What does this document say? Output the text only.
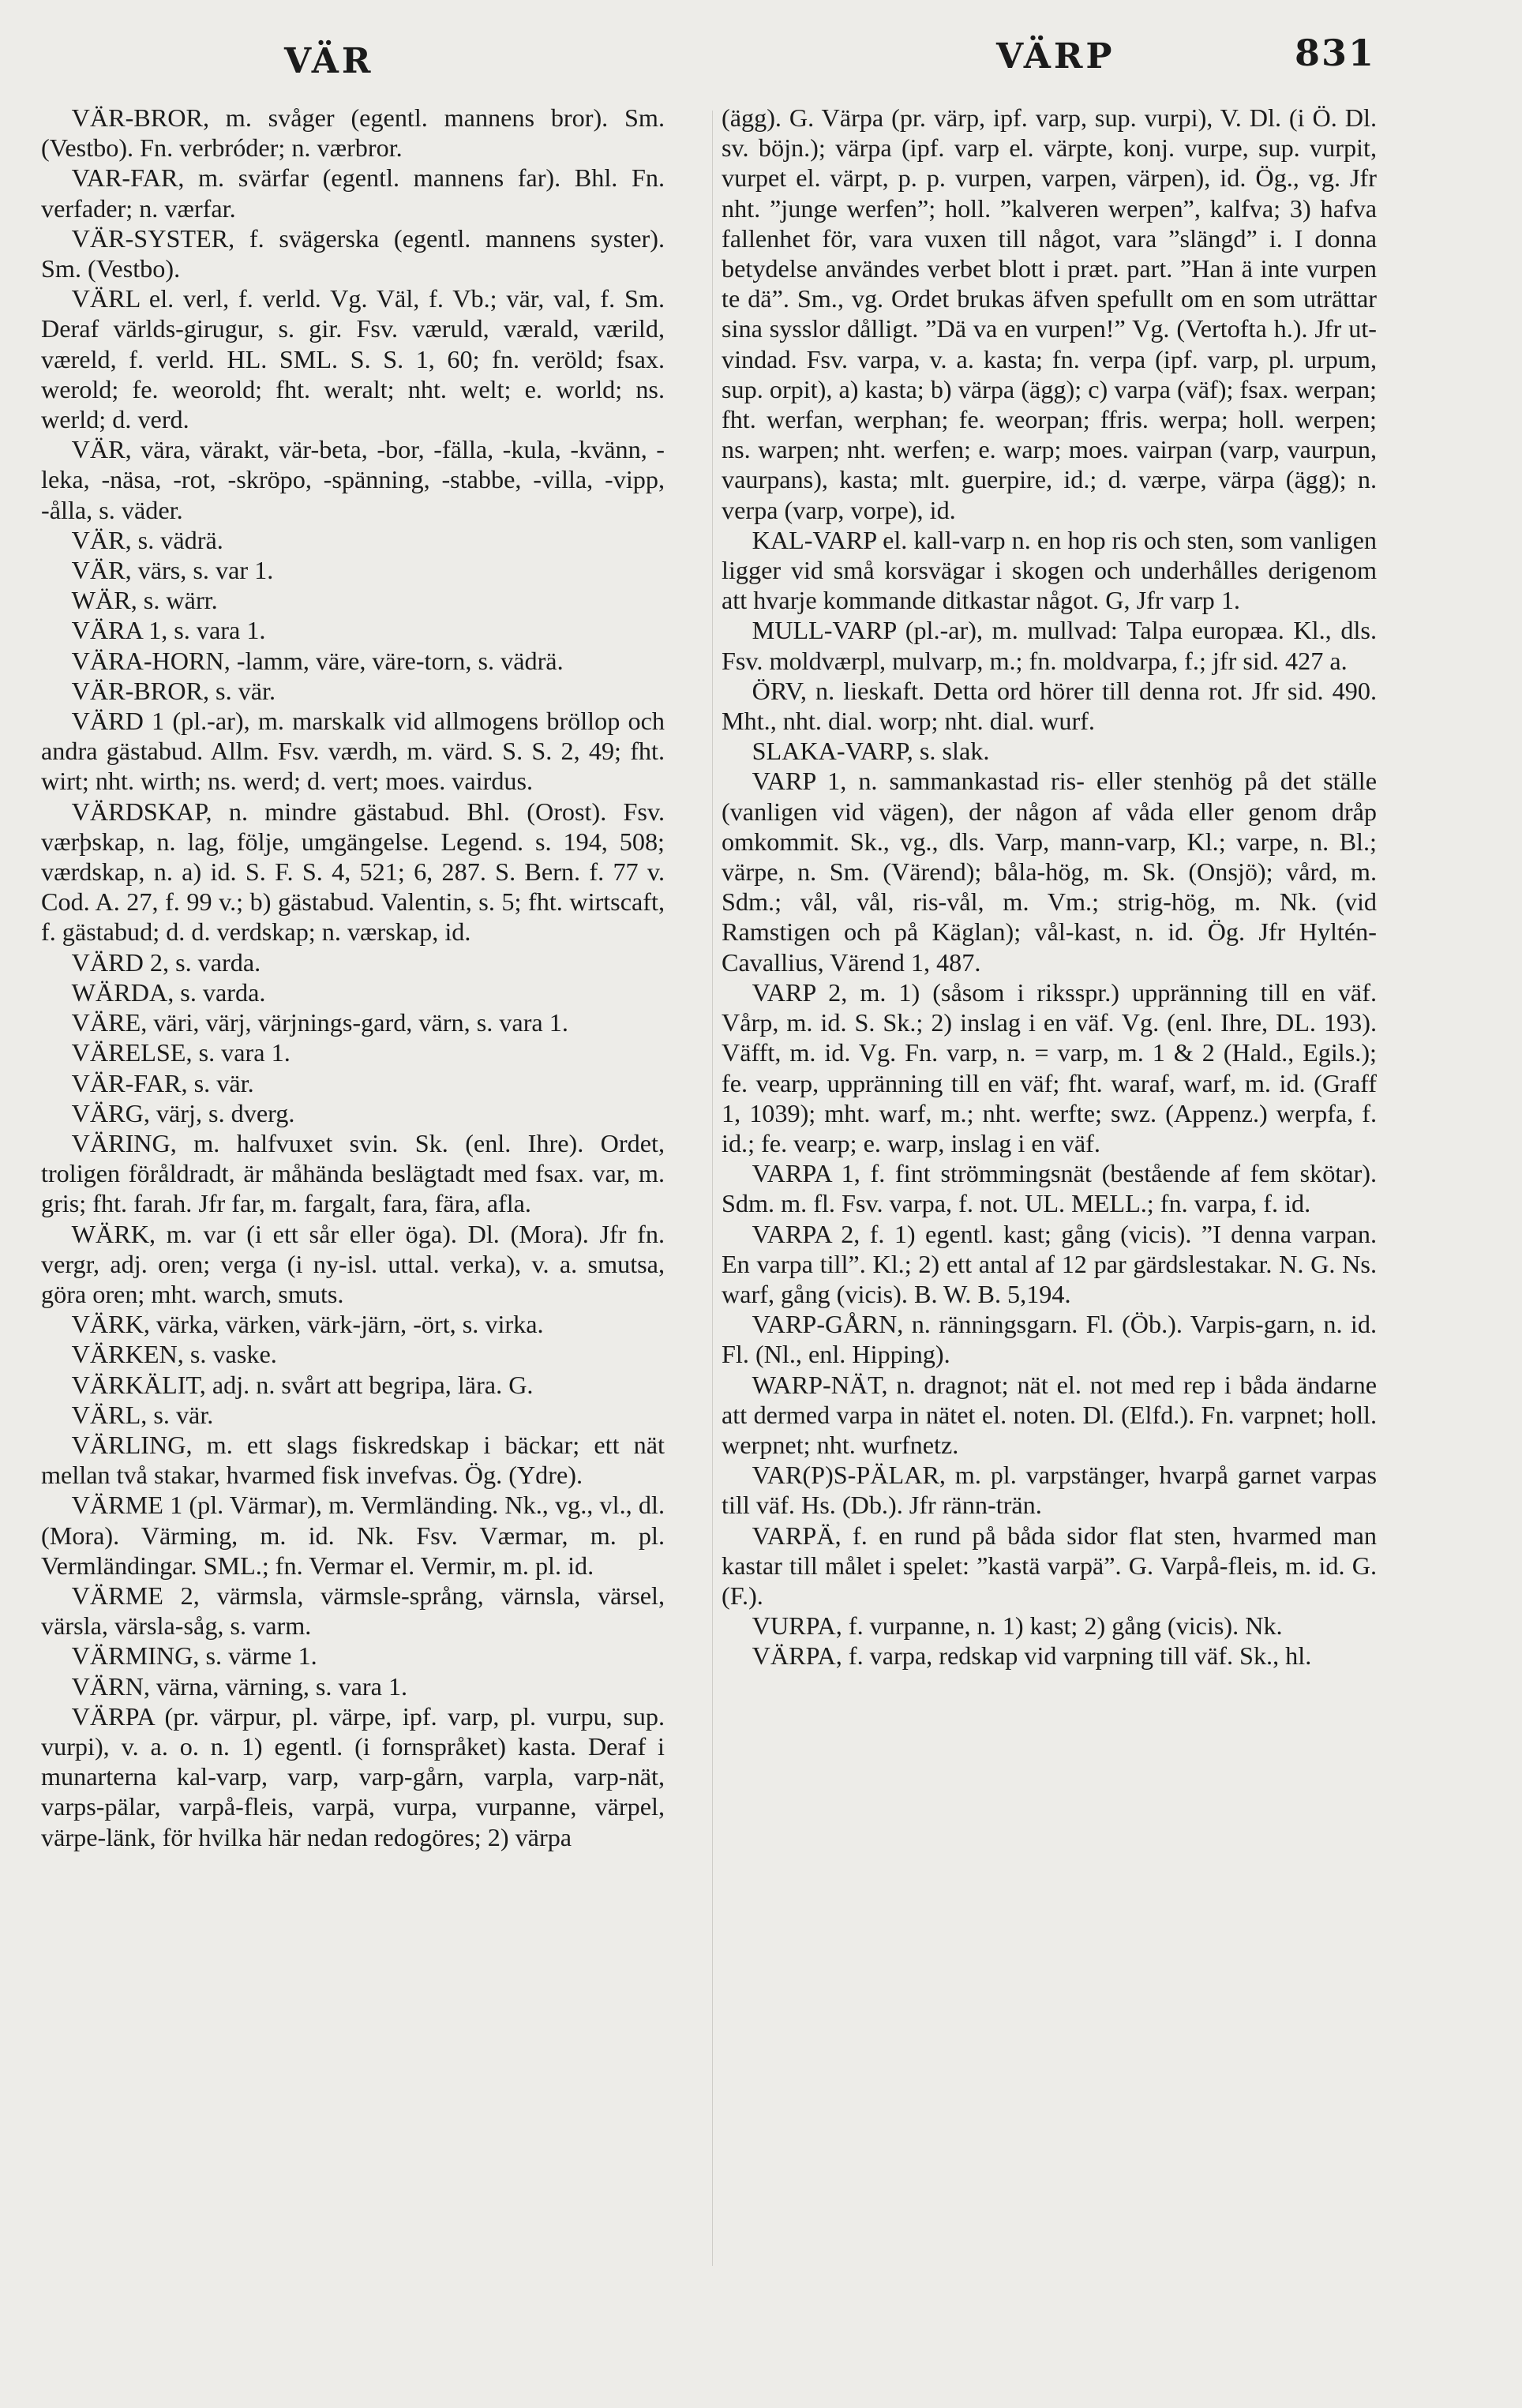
VÄR	VÄRP	831

VÄR-BROR, m. svåger (egentl. mannens bror). Sm. (Vestbo). Fn. verbróder; n. værbror.

VAR-FAR, m. svärfar (egentl. mannens far). Bhl. Fn. verfader; n. værfar.

VÄR-SYSTER, f. svägerska (egentl. mannens syster). Sm. (Vestbo).

VÄRL el. verl, f. verld. Vg. Väl, f. Vb.; vär, val, f. Sm. Deraf världs-girugur, s. gir. Fsv. væruld, værald, værild, væreld, f. verld. HL. SML. S. S. 1, 60; fn. veröld; fsax. werold; fe. weorold; fht. weralt; nht. welt; e. world; ns. werld; d. verd.

VÄR, vära, värakt, vär-beta, -bor, -fälla, -kula, -kvänn, -leka, -näsa, -rot, -skröpo, -spänning, -stabbe, -villa, -vipp, -ålla, s. väder.

VÄR, s. vädrä.

VÄR, värs, s. var 1.

WÄR, s. wärr.

VÄRA 1, s. vara 1.

VÄRA-HORN, -lamm, väre, väre-torn, s. vädrä.

VÄR-BROR, s. vär.

VÄRD 1 (pl.-ar), m. marskalk vid allmogens bröllop och andra gästabud. Allm. Fsv. værdh, m. värd. S. S. 2, 49; fht. wirt; nht. wirth; ns. werd; d. vert; moes. vairdus.

VÄRDSKAP, n. mindre gästabud. Bhl. (Orost). Fsv. værþskap, n. lag, följe, umgängelse. Legend. s. 194, 508; værdskap, n. a) id. S. F. S. 4, 521; 6, 287. S. Bern. f. 77 v. Cod. A. 27, f. 99 v.; b) gästabud. Valentin, s. 5; fht. wirtscaft, f. gästabud; d. d. verdskap; n. værskap, id.

VÄRD 2, s. varda.

WÄRDA, s. varda.

VÄRE, väri, värj, värjnings-gard, värn, s. vara 1.

VÄRELSE, s. vara 1.

VÄR-FAR, s. vär.

VÄRG, värj, s. dverg.

VÄRING, m. halfvuxet svin. Sk. (enl. Ihre). Ordet, troligen föråldradt, är måhända beslägtadt med fsax. var, m. gris; fht. farah. Jfr far, m. fargalt, fara, fära, afla.

WÄRK, m. var (i ett sår eller öga). Dl. (Mora). Jfr fn. vergr, adj. oren; verga (i ny-isl. uttal. verka), v. a. smutsa, göra oren; mht. warch, smuts.

VÄRK, värka, värken, värk-järn, -ört, s. virka.

VÄRKEN, s. vaske.

VÄRKÄLIT, adj. n. svårt att begripa, lära. G.

VÄRL, s. vär.

VÄRLING, m. ett slags fiskredskap i bäckar; ett nät mellan två stakar, hvarmed fisk invefvas. Ög. (Ydre).

VÄRME 1 (pl. Värmar), m. Vermländing. Nk., vg., vl., dl. (Mora). Värming, m. id. Nk. Fsv. Værmar, m. pl. Vermländingar. SML.; fn. Vermar el. Vermir, m. pl. id.

VÄRME 2, värmsla, värmsle-språng, värnsla, värsel, värsla, värsla-såg, s. varm.

VÄRMING, s. värme 1.

VÄRN, värna, värning, s. vara 1.

VÄRPA (pr. värpur, pl. värpe, ipf. varp, pl. vurpu, sup. vurpi), v. a. o. n. 1) egentl. (i fornspråket) kasta. Deraf i munarterna kal-varp, varp, varp-gårn, varpla, varp-nät, varps-pälar, varpå-fleis, varpä, vurpa, vurpanne, värpel, värpe-länk, för hvilka här nedan redogöres; 2) värpa

(ägg). G. Värpa (pr. värp, ipf. varp, sup. vurpi), V. Dl. (i Ö. Dl. sv. böjn.); värpa (ipf. varp el. värpte, konj. vurpe, sup. vurpit, vurpet el. värpt, p. p. vurpen, varpen, värpen), id. Ög., vg. Jfr nht. ”junge werfen”; holl. ”kalveren werpen”, kalfva; 3) hafva fallenhet för, vara vuxen till något, vara ”slängd” i. I donna betydelse användes verbet blott i præt. part. ”Han ä inte vurpen te dä”. Sm., vg. Ordet brukas äfven spefullt om en som uträttar sina sysslor dålligt. ”Dä va en vurpen!” Vg. (Vertofta h.). Jfr ut-vindad. Fsv. varpa, v. a. kasta; fn. verpa (ipf. varp, pl. urpum, sup. orpit), a) kasta; b) värpa (ägg); c) varpa (väf); fsax. werpan; fht. werfan, werphan; fe. weorpan; ffris. werpa; holl. werpen; ns. warpen; nht. werfen; e. warp; moes. vairpan (varp, vaurpun, vaurpans), kasta; mlt. guerpire, id.; d. værpe, värpa (ägg); n. verpa (varp, vorpe), id.

KAL-VARP el. kall-varp n. en hop ris och sten, som vanligen ligger vid små korsvägar i skogen och underhålles derigenom att hvarje kommande ditkastar något. G, Jfr varp 1.

MULL-VARP (pl.-ar), m. mullvad: Talpa europæa. Kl., dls. Fsv. moldværpl, mulvarp, m.; fn. moldvarpa, f.; jfr sid. 427 a.

ÖRV, n. lieskaft. Detta ord hörer till denna rot. Jfr sid. 490. Mht., nht. dial. worp; nht. dial. wurf.

SLAKA-VARP, s. slak.

VARP 1, n. sammankastad ris- eller stenhög på det ställe (vanligen vid vägen), der någon af våda eller genom dråp omkommit. Sk., vg., dls. Varp, mann-varp, Kl.; varpe, n. Bl.; värpe, n. Sm. (Värend); båla-hög, m. Sk. (Onsjö); vård, m. Sdm.; vål, vål, ris-vål, m. Vm.; strig-hög, m. Nk. (vid Ramstigen och på Käglan); vål-kast, n. id. Ög. Jfr Hyltén-Cavallius, Värend 1, 487.

VARP 2, m. 1) (såsom i riksspr.) uppränning till en väf. Vårp, m. id. S. Sk.; 2) inslag i en väf. Vg. (enl. Ihre, DL. 193). Väfft, m. id. Vg. Fn. varp, n. = varp, m. 1 & 2 (Hald., Egils.); fe. vearp, uppränning till en väf; fht. waraf, warf, m. id. (Graff 1, 1039); mht. warf, m.; nht. werfte; swz. (Appenz.) werpfa, f. id.; fe. vearp; e. warp, inslag i en väf.

VARPA 1, f. fint strömmingsnät (bestående af fem skötar). Sdm. m. fl. Fsv. varpa, f. not. UL. MELL.; fn. varpa, f. id.

VARPA 2, f. 1) egentl. kast; gång (vicis). ”I denna varpan. En varpa till”. Kl.; 2) ett antal af 12 par gärdslestakar. N. G. Ns. warf, gång (vicis). B. W. B. 5,194.

VARP-GÅRN, n. ränningsgarn. Fl. (Öb.). Varpis-garn, n. id. Fl. (Nl., enl. Hipping).

WARP-NÄT, n. dragnot; nät el. not med rep i båda ändarne att dermed varpa in nätet el. noten. Dl. (Elfd.). Fn. varpnet; holl. werpnet; nht. wurfnetz.

VAR(P)S-PÄLAR, m. pl. varpstänger, hvarpå garnet varpas till väf. Hs. (Db.). Jfr ränn-trän.

VARPÄ, f. en rund på båda sidor flat sten, hvarmed man kastar till målet i spelet: ”kastä varpä”. G. Varpå-fleis, m. id. G. (F.).

VURPA, f. vurpanne, n. 1) kast; 2) gång (vicis). Nk.

VÄRPA, f. varpa, redskap vid varpning till väf. Sk., hl.
